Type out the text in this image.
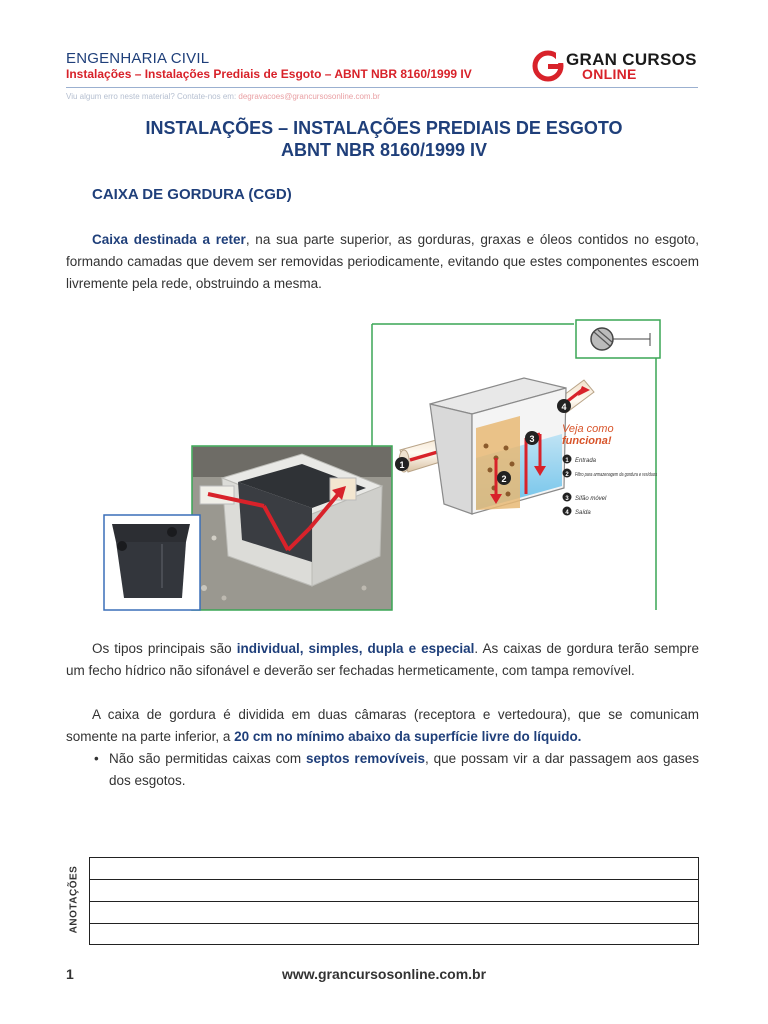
ENGENHARIA CIVIL
Instalações – Instalações Prediais de Esgoto – ABNT NBR 8160/1999 IV
GRAN CURSOS
ONLINE
Viu algum erro neste material? Contate-nos em: degravacoes@grancursosonline.com.br
INSTALAÇÕES – INSTALAÇÕES PREDIAIS DE ESGOTO
ABNT NBR 8160/1999 IV
CAIXA DE GORDURA (CGD)
Caixa destinada a reter, na sua parte superior, as gorduras, graxas e óleos contidos no esgoto, formando camadas que devem ser removidas periodicamente, evitando que estes componentes escoem livremente pela rede, obstruindo a mesma.
1
2
3
4
Veja como
funciona!
1 Entrada
2 Filtro para armazenagem da gordura e resíduos
3 Sifão móvel
4 Saída
Os tipos principais são individual, simples, dupla e especial. As caixas de gordura terão sempre um fecho hídrico não sifonável e deverão ser fechadas hermeticamente, com tampa removível.
A caixa de gordura é dividida em duas câmaras (receptora e vertedoura), que se comunicam somente na parte inferior, a 20 cm no mínimo abaixo da superfície livre do líquido.
• Não são permitidas caixas com septos removíveis, que possam vir a dar passagem aos gases dos esgotos.
ANOTAÇÕES
1	www.grancursosonline.com.br
